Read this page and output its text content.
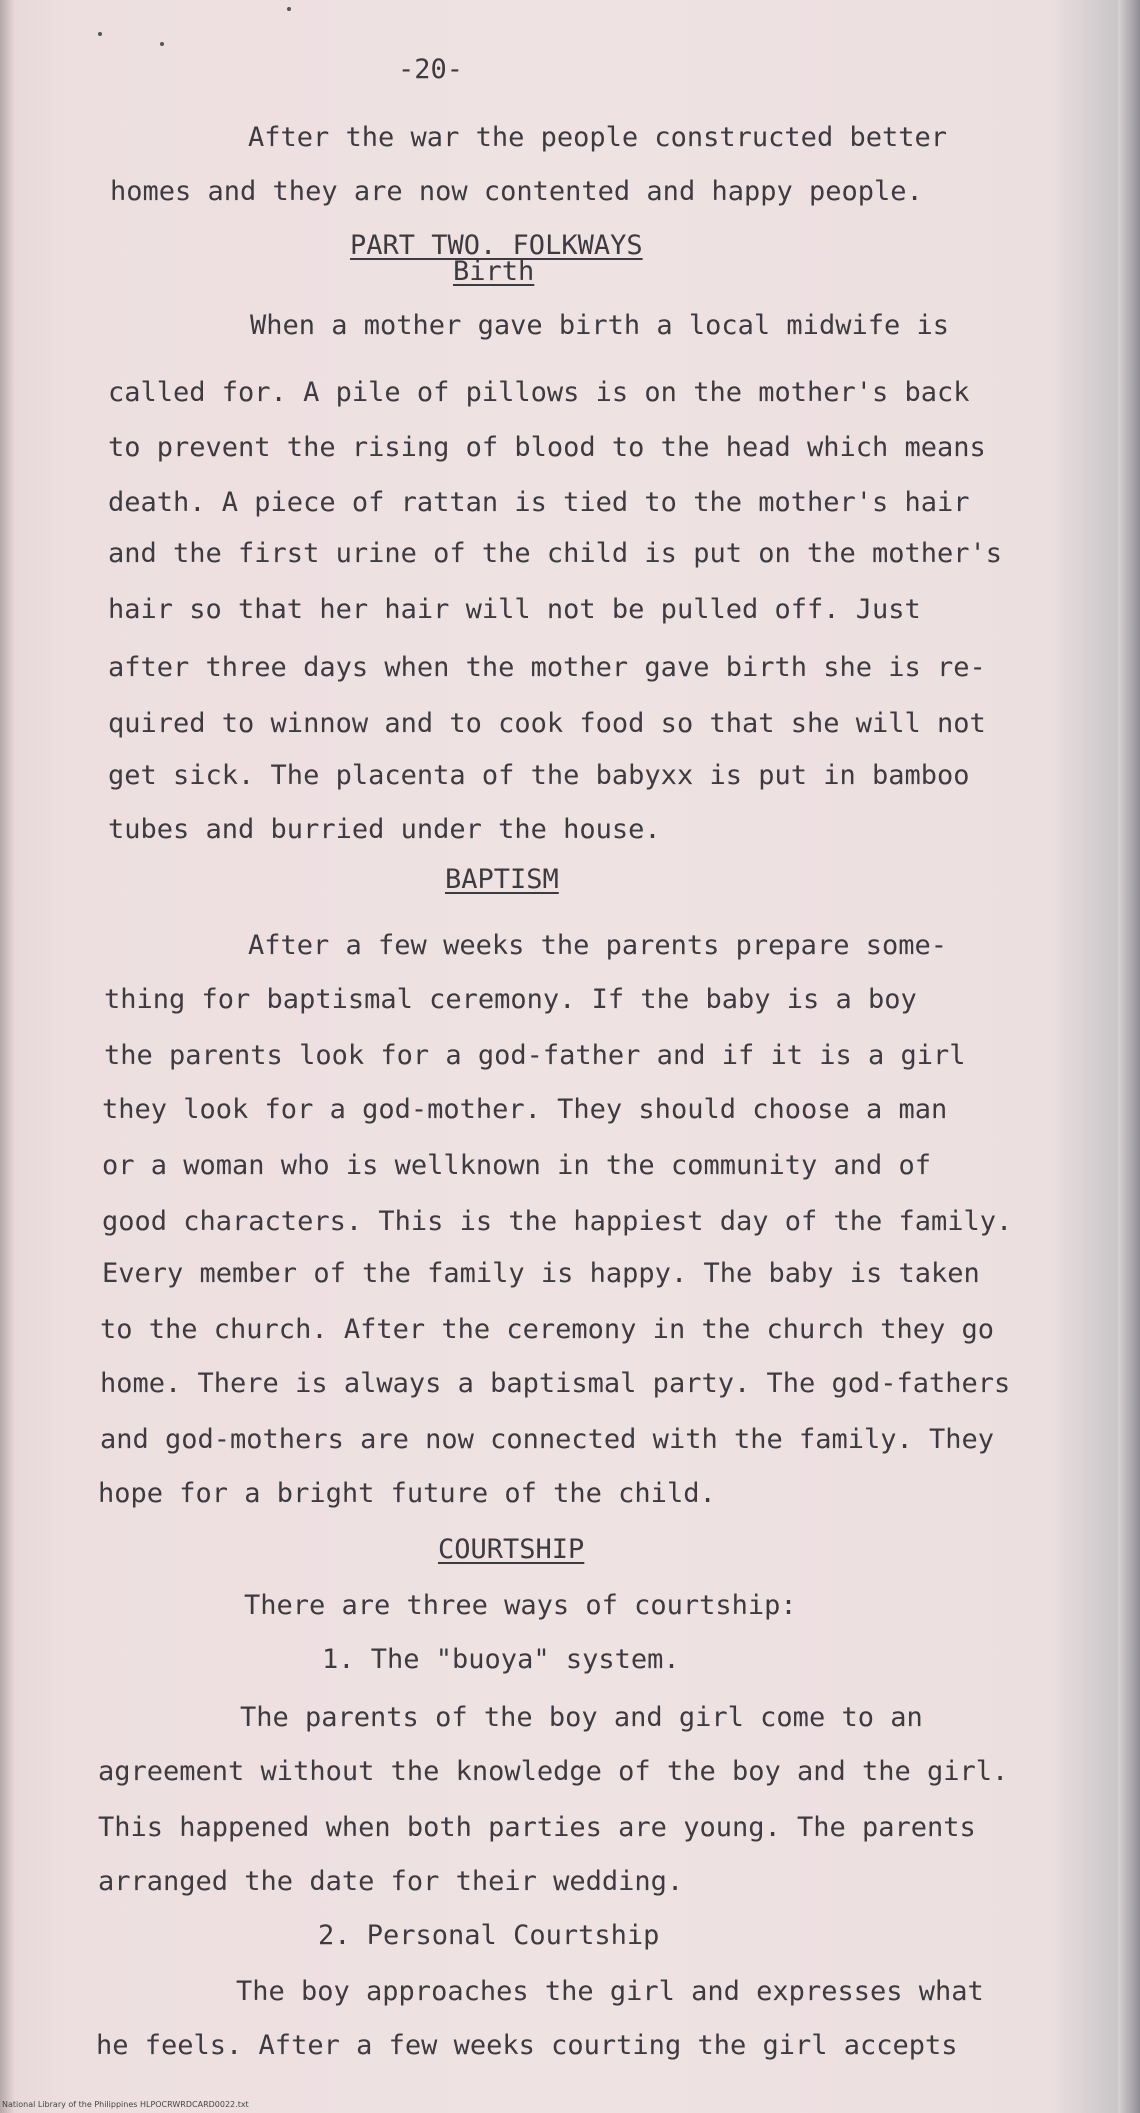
-20-
After the war the people constructed better
homes and they are now contented and happy people.
PART TWO. FOLKWAYS
Birth
When a mother gave birth a local midwife is
called for. A pile of pillows is on the mother's back
to prevent the rising of blood to the head which means
death. A piece of rattan is tied to the mother's hair
and the first urine of the child is put on the mother's
hair so that her hair will not be pulled off. Just
after three days when the mother gave birth she is re-
quired to winnow and to cook food so that she will not
get sick. The placenta of the babyxx is put in bamboo
tubes and burried under the house.
BAPTISM
After a few weeks the parents prepare some-
thing for baptismal ceremony. If the baby is a boy
the parents look for a god-father and if it is a girl
they look for a god-mother. They should choose a man
or a woman who is wellknown in the community and of
good characters. This is the happiest day of the family.
Every member of the family is happy. The baby is taken
to the church. After the ceremony in the church they go
home. There is always a baptismal party. The god-fathers
and god-mothers are now connected with the family. They
hope for a bright future of the child.
COURTSHIP
There are three ways of courtship:
1. The "buoya" system.
The parents of the boy and girl come to an
agreement without the knowledge of the boy and the girl.
This happened when both parties are young. The parents
arranged the date for their wedding.
2. Personal Courtship
The boy approaches the girl and expresses what
he feels. After a few weeks courting the girl accepts
National Library of the Philippines HLPOCRWRDCARD0022.txt
